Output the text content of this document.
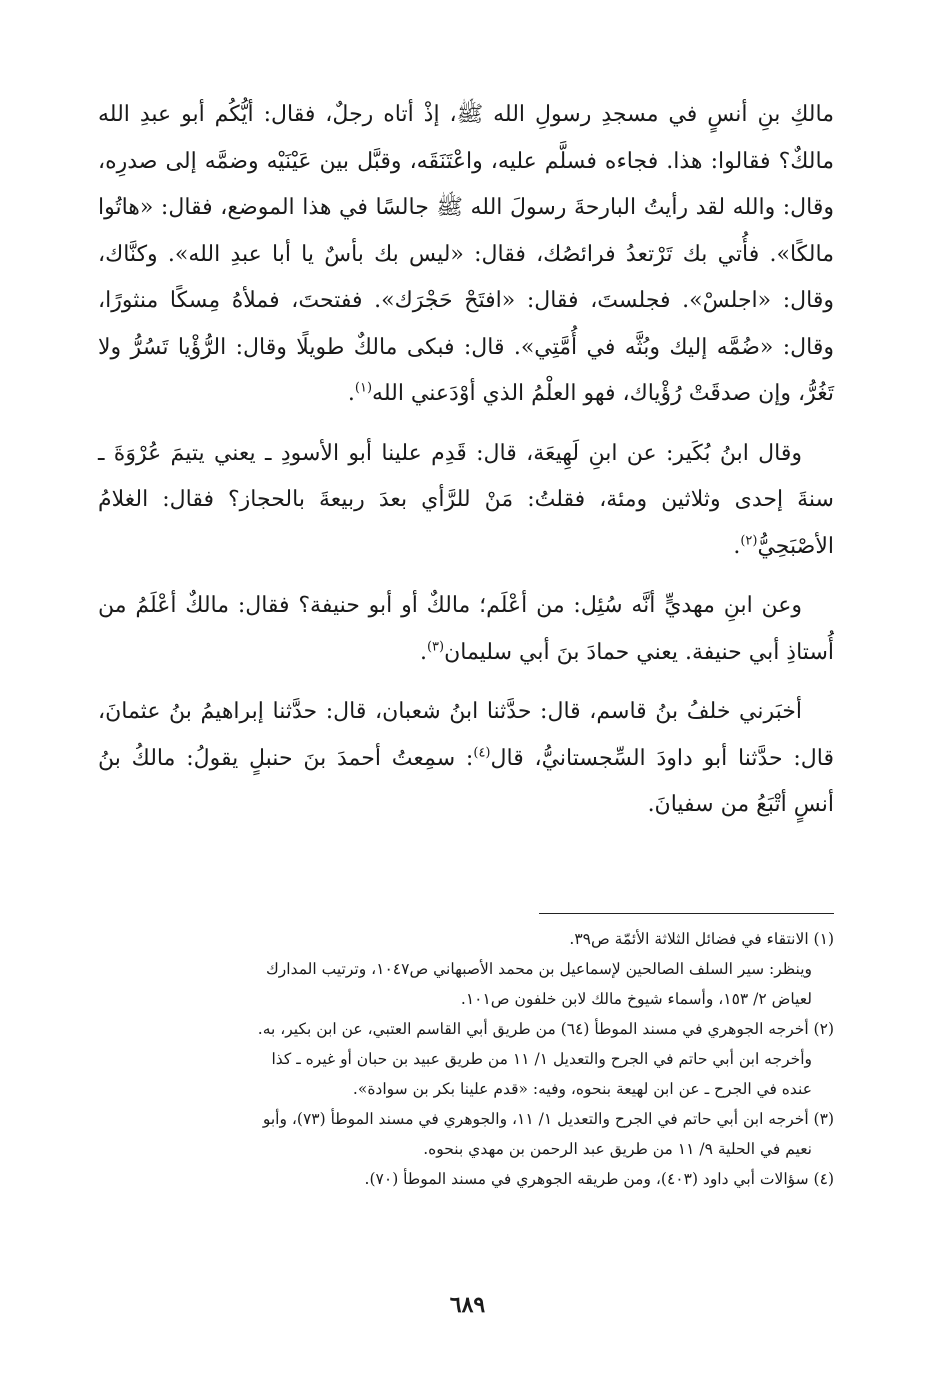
مالكِ بنِ أنسٍ في مسجدِ رسولِ الله ﷺ، إذْ أتاه رجلٌ، فقال: أيُّكُم أبو عبدِ الله مالكٌ؟ فقالوا: هذا. فجاءه فسلَّم عليه، واعْتَنَقَه، وقبَّل بين عَيْنَيْه وضمَّه إلى صدرِه، وقال: والله لقد رأيتُ البارحةَ رسولَ الله ﷺ جالسًا في هذا الموضع، فقال: «هاتُوا مالكًا». فأُتي بك تَرْتعدُ فرائصُك، فقال: «ليس بك بأسٌ يا أبا عبدِ الله». وكنَّاك، وقال: «اجلسْ». فجلستَ، فقال: «افتَحْ حَجْرَك». ففتحتَ، فملأهُ مِسكًا منثورًا، وقال: «ضُمَّه إليك وبُثَّه في أُمَّتِي». قال: فبكى مالكٌ طويلًا وقال: الرُّؤْيا تَسُرُّ ولا تَغُرُّ، وإن صدقَتْ رُؤْياك، فهو العلْمُ الذي أوْدَعني الله$^{(١)}$.

وقال ابنُ بُكَير: عن ابنِ لَهِيعَة، قال: قَدِم علينا أبو الأسودِ ـ يعني يتيمَ عُرْوَةَ ـ سنةَ إحدى وثلاثين ومئة، فقلتُ: مَنْ للرَّأي بعدَ ربيعةَ بالحجاز؟ فقال: الغلامُ الأصْبَحِيُّ$^{(٢)}$.

وعن ابنِ مهديٍّ أنَّه سُئِل: من أعْلَم؛ مالكٌ أو أبو حنيفة؟ فقال: مالكٌ أعْلَمُ من أُستاذِ أبي حنيفة. يعني حمادَ بنَ أبي سليمان$^{(٣)}$.

أخبَرني خلفُ بنُ قاسم، قال: حدَّثنا ابنُ شعبان، قال: حدَّثنا إبراهيمُ بنُ عثمانَ، قال: حدَّثنا أبو داودَ السِّجستانيُّ، قال$^{(٤)}$: سمِعتُ أحمدَ بنَ حنبلٍ يقولُ: مالكُ بنُ أنسٍ أتْبَعُ من سفيانَ.

(١) الانتقاء في فضائل الثلاثة الأئمّة ص٣٩.
وينظر: سير السلف الصالحين لإسماعيل بن محمد الأصبهاني ص١٠٤٧، وترتيب المدارك
لعياض ٢/ ١٥٣، وأسماء شيوخ مالك لابن خلفون ص١٠١.
(٢) أخرجه الجوهري في مسند الموطأ (٦٤) من طريق أبي القاسم العتبي، عن ابن بكير، به.
وأخرجه ابن أبي حاتم في الجرح والتعديل ١/ ١١ من طريق عبيد بن حبان أو غيره ـ كذا
عنده في الجرح ـ عن ابن لهيعة بنحوه، وفيه: «قدم علينا بكر بن سوادة».
(٣) أخرجه ابن أبي حاتم في الجرح والتعديل ١/ ١١، والجوهري في مسند الموطأ (٧٣)، وأبو
نعيم في الحلية ٩/ ١١ من طريق عبد الرحمن بن مهدي بنحوه.
(٤) سؤالات أبي داود (٤٠٣)، ومن طريقه الجوهري في مسند الموطأ (٧٠).
٦٨٩
